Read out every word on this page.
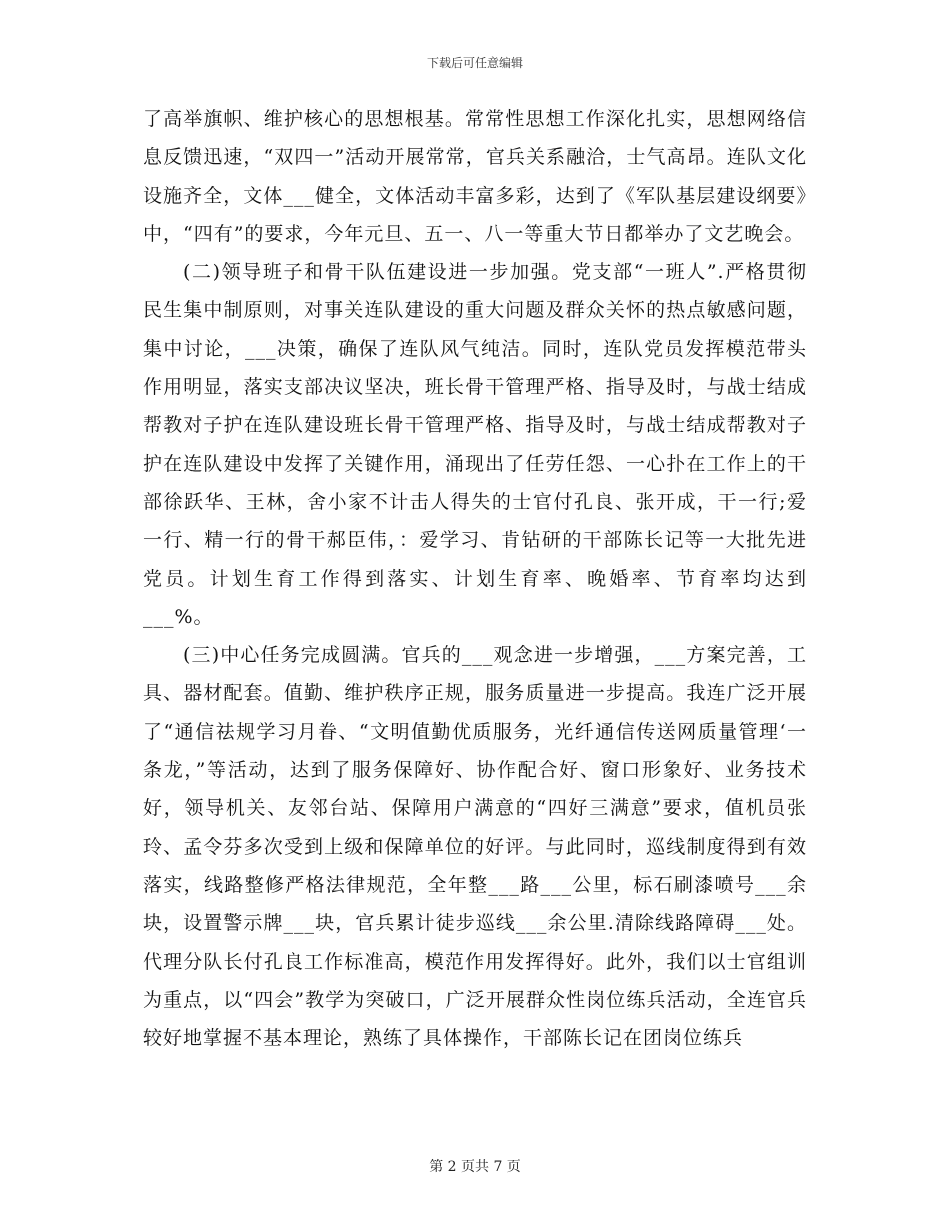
下载后可任意编辑

了高举旗帜、维护核心的思想根基。常常性思想工作深化扎实，思想网络信息反馈迅速，“双四一”活动开展常常，官兵关系融洽，士气高昂。连队文化设施齐全，文体___健全，文体活动丰富多彩，达到了《军队基层建设纲要》中，“四有”的要求，今年元旦、五一、八一等重大节日都举办了文艺晚会。

(二)领导班子和骨干队伍建设进一步加强。党支部“一班人”.严格贯彻民生集中制原则，对事关连队建设的重大问题及群众关怀的热点敏感问题，集中讨论，___决策，确保了连队风气纯洁。同时，连队党员发挥模范带头作用明显，落实支部决议坚决，班长骨干管理严格、指导及时，与战士结成帮教对子护在连队建设班长骨干管理严格、指导及时，与战士结成帮教对子护在连队建设中发挥了关键作用，涌现出了任劳任怨、一心扑在工作上的干部徐跃华、王林，舍小家不计击人得失的士官付孔良、张开成，干一行;爱一行、精一行的骨干郝臣伟，：爱学习、肯钻研的干部陈长记等一大批先进党员。计划生育工作得到落实、计划生育率、晚婚率、节育率均达到___%。

(三)中心任务完成圆满。官兵的___观念进一步增强，___方案完善，工具、器材配套。值勤、维护秩序正规，服务质量进一步提高。我连广泛开展了“通信祛规学习月眷、“文明值勤优质服务，光纤通信传送网质量管理‘一条龙，”等活动，达到了服务保障好、协作配合好、窗口形象好、业务技术好，领导机关、友邻台站、保障用户满意的“四好三满意”要求，值机员张玲、孟令芬多次受到上级和保障单位的好评。与此同时，巡线制度得到有效落实，线路整修严格法律规范，全年整___路___公里，标石刷漆喷号___余块，设置警示牌___块，官兵累计徒步巡线___余公里.清除线路障碍___处。代理分队长付孔良工作标准高，模范作用发挥得好。此外，我们以士官组训为重点，以“四会”教学为突破口，广泛开展群众性岗位练兵活动，全连官兵较好地掌握不基本理论，熟练了具体操作，干部陈长记在团岗位练兵

第 2 页共 7 页
